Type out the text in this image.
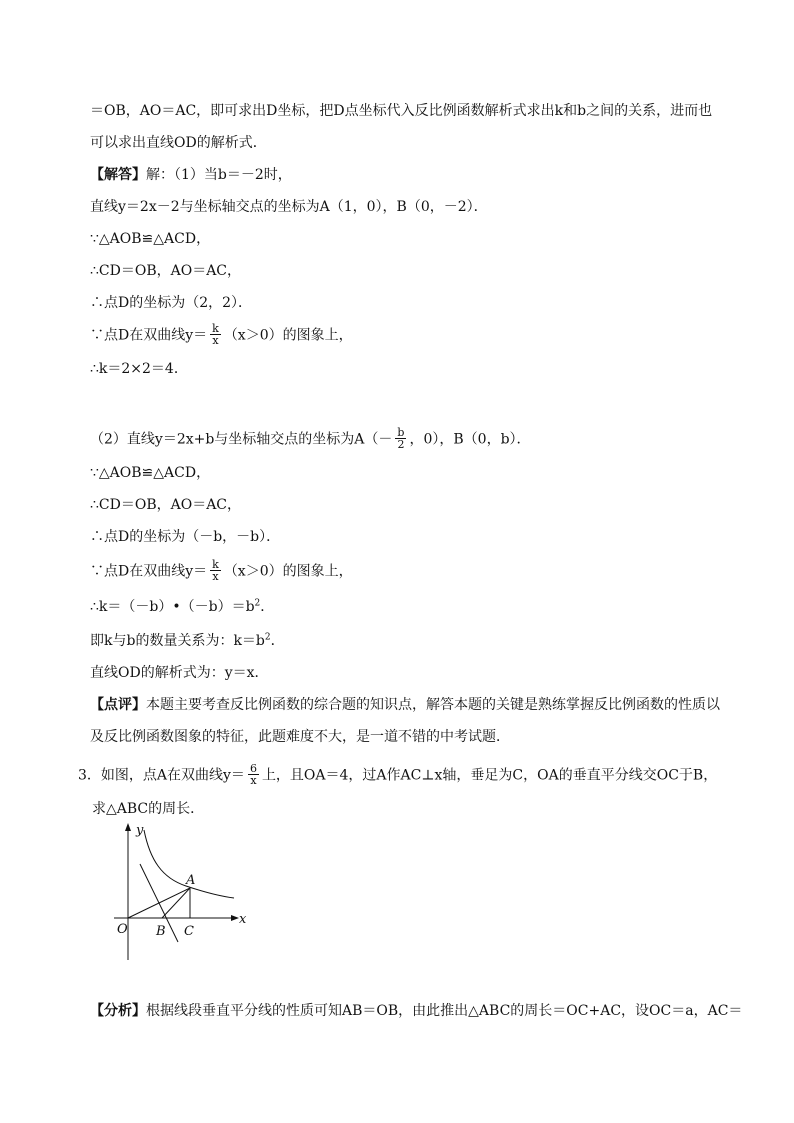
＝OB，AO＝AC，即可求出D坐标，把D点坐标代入反比例函数解析式求出k和b之间的关系，进而也
可以求出直线OD的解析式．
【解答】解：（1）当b＝－2时，
直线y＝2x－2与坐标轴交点的坐标为A（1，0），B（0，－2）．
∵△AOB≌△ACD，
∴CD＝OB，AO＝AC，
∴点D的坐标为（2，2）．
∵点D在双曲线$y= \frac{k}{x} (x>0)$的图象上，
∴k＝2×2＝4．
（2）直线y＝2x+b与坐标轴交点的坐标为$A(- \frac{b}{2}$ ，0），B（0，b）．
∵△AOB≌△ACD，
∴CD＝OB，AO＝AC，
∴点D的坐标为（－b，－b）．
∵点D在双曲线$y= \frac{k}{x} (x>0)$的图象上，
$\therefore k=(-b)•(-b)=b^2$．
即k与b的数量关系为：$k=b^2$．
直线OD的解析式为：y＝x．
【点评】本题主要考查反比例函数的综合题的知识点，解答本题的关键是熟练掌握反比例函数的性质以
及反比例函数图象的特征，此题难度不大，是一道不错的中考试题．
3．如图，点A在双曲线$y= \frac{6}{x}$ 上，且OA＝4，过A作AC⊥x轴，垂足为C，OA的垂直平分线交OC于B，
求△ABC的周长．
y
x
O
A
B C
【分析】根据线段垂直平分线的性质可知AB＝OB，由此推出△ABC的周长＝OC+AC，设OC＝a，AC＝
